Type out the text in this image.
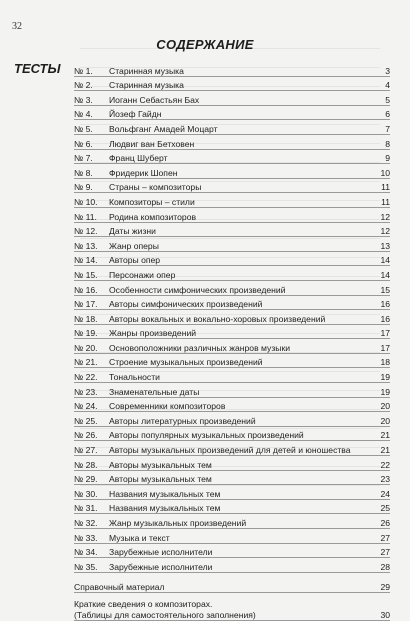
32
СОДЕРЖАНИЕ
ТЕСТЫ № 1.	Старинная музыка	3
№ 2.	Старинная музыка	4
№ 3.	Иоганн Себастьян Бах	5
№ 4.	Йозеф Гайдн	6
№ 5.	Вольфганг Амадей Моцарт	7
№ 6.	Людвиг ван Бетховен	8
№ 7.	Франц Шуберт	9
№ 8.	Фридерик Шопен	10
№ 9.	Страны – композиторы	11
№ 10.	Композиторы – стили	11
№ 11.	Родина композиторов	12
№ 12.	Даты жизни	12
№ 13.	Жанр оперы	13
№ 14.	Авторы опер	14
№ 15.	Персонажи опер	14
№ 16.	Особенности симфонических произведений	15
№ 17.	Авторы симфонических произведений	16
№ 18.	Авторы вокальных и вокально-хоровых произведений	16
№ 19.	Жанры произведений	17
№ 20.	Основоположники различных жанров музыки	17
№ 21.	Строение музыкальных произведений	18
№ 22.	Тональности	19
№ 23.	Знаменательные даты	19
№ 24.	Современники композиторов	20
№ 25.	Авторы литературных произведений	20
№ 26.	Авторы популярных музыкальных произведений	21
№ 27.	Авторы музыкальных произведений для детей и юношества	21
№ 28.	Авторы музыкальных тем	22
№ 29.	Авторы музыкальных тем	23
№ 30.	Названия музыкальных тем	24
№ 31.	Названия музыкальных тем	25
№ 32.	Жанр музыкальных произведений	26
№ 33.	Музыка и текст	27
№ 34.	Зарубежные исполнители	27
№ 35.	Зарубежные исполнители	28
Справочный материал	29
Краткие сведения о композиторах.
(Таблицы для самостоятельного заполнения)	30
